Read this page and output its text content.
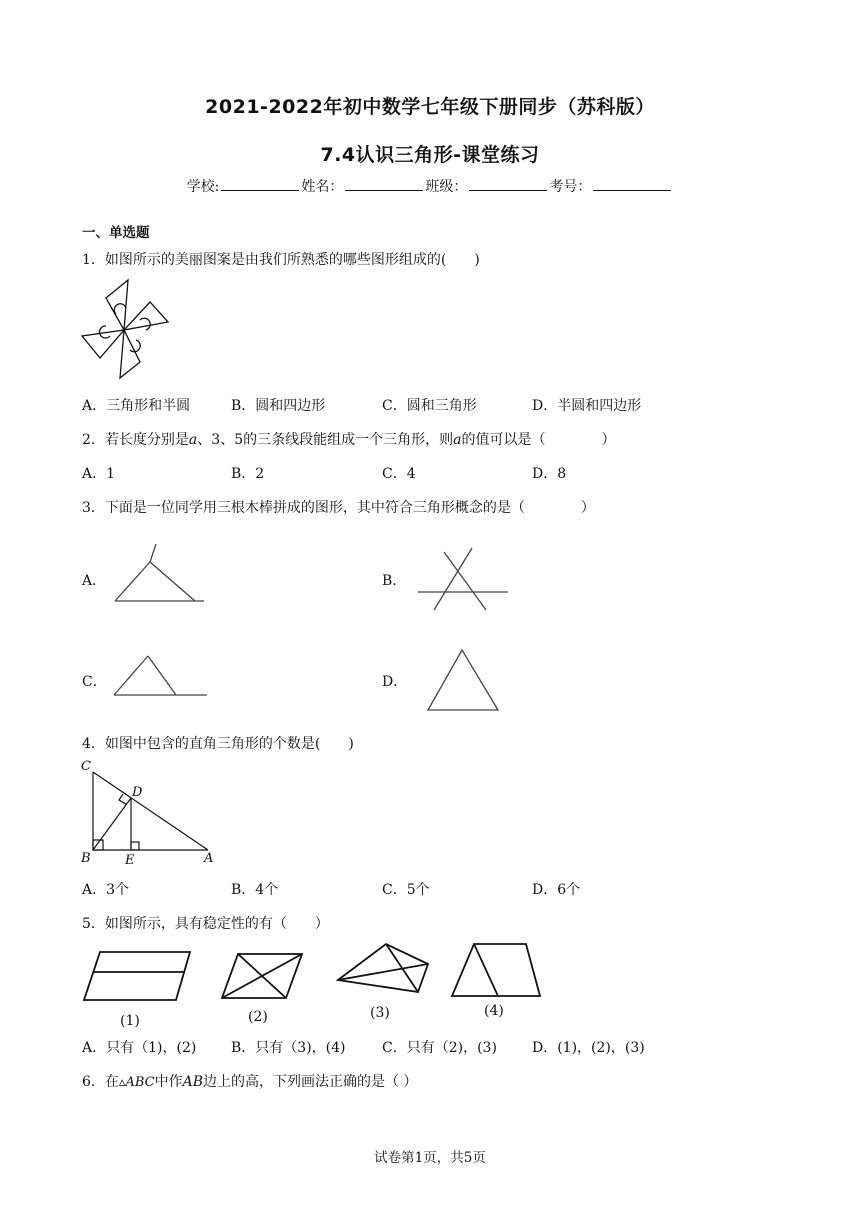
2021-2022年初中数学七年级下册同步（苏科版）
7.4认识三角形-课堂练习
学校:	姓名：	班级：	考号：
一、单选题
1．如图所示的美丽图案是由我们所熟悉的哪些图形组成的(　　)
A．三角形和半圆	B．圆和四边形	C．圆和三角形	D．半圆和四边形
2．若长度分别是a、3、5的三条线段能组成一个三角形，则a的值可以是（　　　　）
A．1	B．2	C．4	D．8
3．下面是一位同学用三根木棒拼成的图形，其中符合三角形概念的是（　　　　）
A．	B．
C．	D．
4．如图中包含的直角三角形的个数是(　　)
C
D
B	E	A
A．3个	B．4个	C．5个	D．6个
5．如图所示，具有稳定性的有（　　）
(1)	(2)	(3)	(4)
A．只有（1)，(2) B．只有（3)，(4)	C．只有（2)，(3)	D．(1)，(2)，(3)
6．在▵ABC中作AB边上的高，下列画法正确的是（ ）
试卷第1页，共5页
